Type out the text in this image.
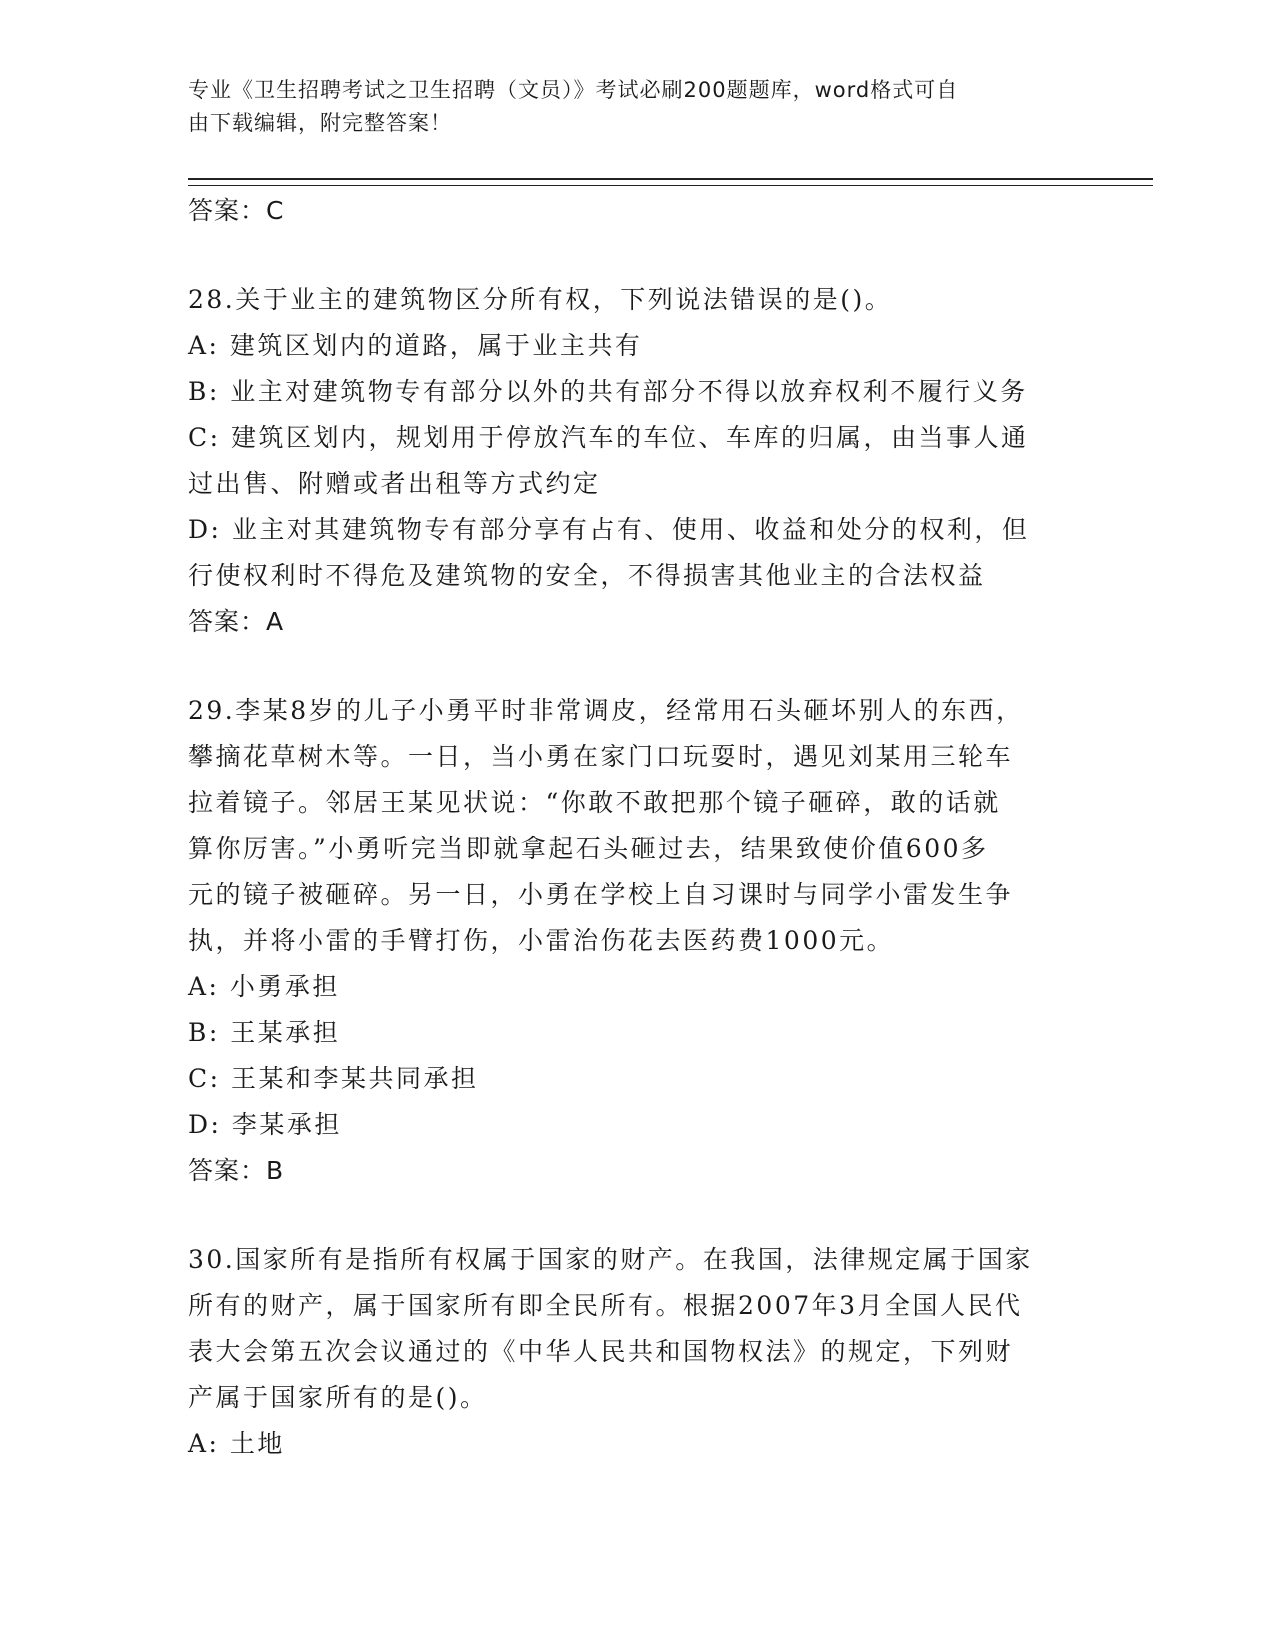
专业《卫生招聘考试之卫生招聘（文员）》考试必刷200题题库，word格式可自
由下载编辑，附完整答案！
答案：C
28.关于业主的建筑物区分所有权，下列说法错误的是()。
A: 建筑区划内的道路，属于业主共有
B: 业主对建筑物专有部分以外的共有部分不得以放弃权利不履行义务
C: 建筑区划内，规划用于停放汽车的车位、车库的归属，由当事人通
过出售、附赠或者出租等方式约定
D: 业主对其建筑物专有部分享有占有、使用、收益和处分的权利，但
行使权利时不得危及建筑物的安全，不得损害其他业主的合法权益
答案：A
29.李某8岁的儿子小勇平时非常调皮，经常用石头砸坏别人的东西，
攀摘花草树木等。一日，当小勇在家门口玩耍时，遇见刘某用三轮车
拉着镜子。邻居王某见状说：“你敢不敢把那个镜子砸碎，敢的话就
算你厉害。”小勇听完当即就拿起石头砸过去，结果致使价值600多
元的镜子被砸碎。另一日，小勇在学校上自习课时与同学小雷发生争
执，并将小雷的手臂打伤，小雷治伤花去医药费1000元。
A: 小勇承担
B: 王某承担
C: 王某和李某共同承担
D: 李某承担
答案：B
30.国家所有是指所有权属于国家的财产。在我国，法律规定属于国家
所有的财产，属于国家所有即全民所有。根据2007年3月全国人民代
表大会第五次会议通过的《中华人民共和国物权法》的规定，下列财
产属于国家所有的是()。
A: 土地
